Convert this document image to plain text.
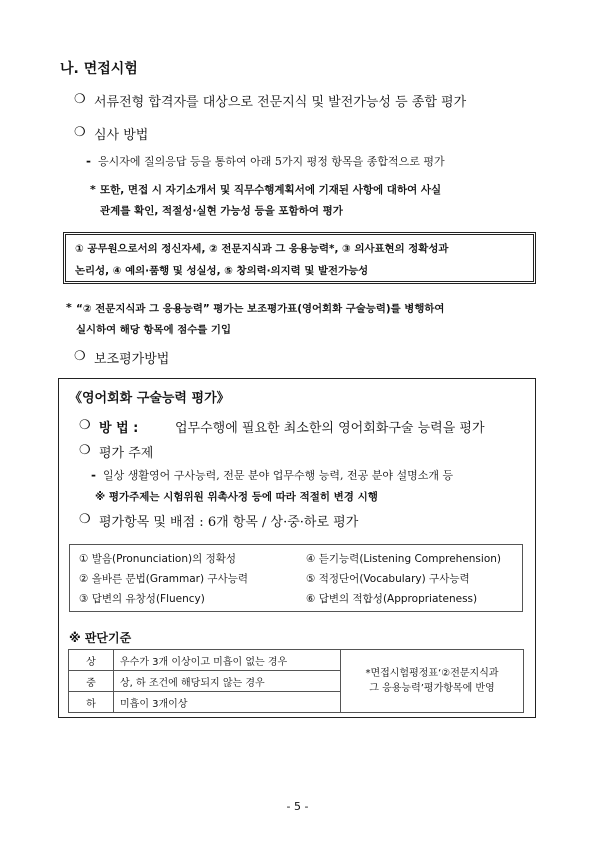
나. 면접시험
❍ 서류전형 합격자를 대상으로 전문지식 및 발전가능성 등 종합 평가
❍ 심사 방법
- 응시자에 질의응답 등을 통하여 아래 5가지 평정 항목을 종합적으로 평가
* 또한, 면접 시 자기소개서 및 직무수행계획서에 기재된 사항에 대하여 사실
관계를 확인, 적절성·실현 가능성 등을 포함하여 평가
① 공무원으로서의 정신자세, ② 전문지식과 그 응용능력*, ③ 의사표현의 정확성과
논리성, ④ 예의·품행 및 성실성, ⑤ 창의력·의지력 및 발전가능성
* “② 전문지식과 그 응용능력” 평가는 보조평가표(영어회화 구술능력)를 병행하여
실시하여 해당 항목에 점수를 기입
❍ 보조평가방법
《영어회화 구술능력 평가》
❍ 방 법 :	업무수행에 필요한 최소한의 영어회화구술 능력을 평가
❍ 평가 주제
- 일상 생활영어 구사능력, 전문 분야 업무수행 능력, 전공 분야 설명소개 등
※ 평가주제는 시험위원 위촉사정 등에 따라 적절히 변경 시행
❍ 평가항목 및 배점 : 6개 항목 / 상·중·하로 평가
① 발음(Pronunciation)의 정확성	④ 듣기능력(Listening Comprehension)
② 올바른 문법(Grammar) 구사능력	⑤ 적정단어(Vocabulary) 구사능력
③ 답변의 유창성(Fluency)	⑥ 답변의 적합성(Appropriateness)
※ 판단기준
상	우수가 3개 이상이고 미흡이 없는 경우	*면접시험평정표‘②전문지식과
그 응용능력’평가항목에 반영

중	상, 하 조건에 해당되지 않는 경우	
하	미흡이 3개이상	
- 5 -
